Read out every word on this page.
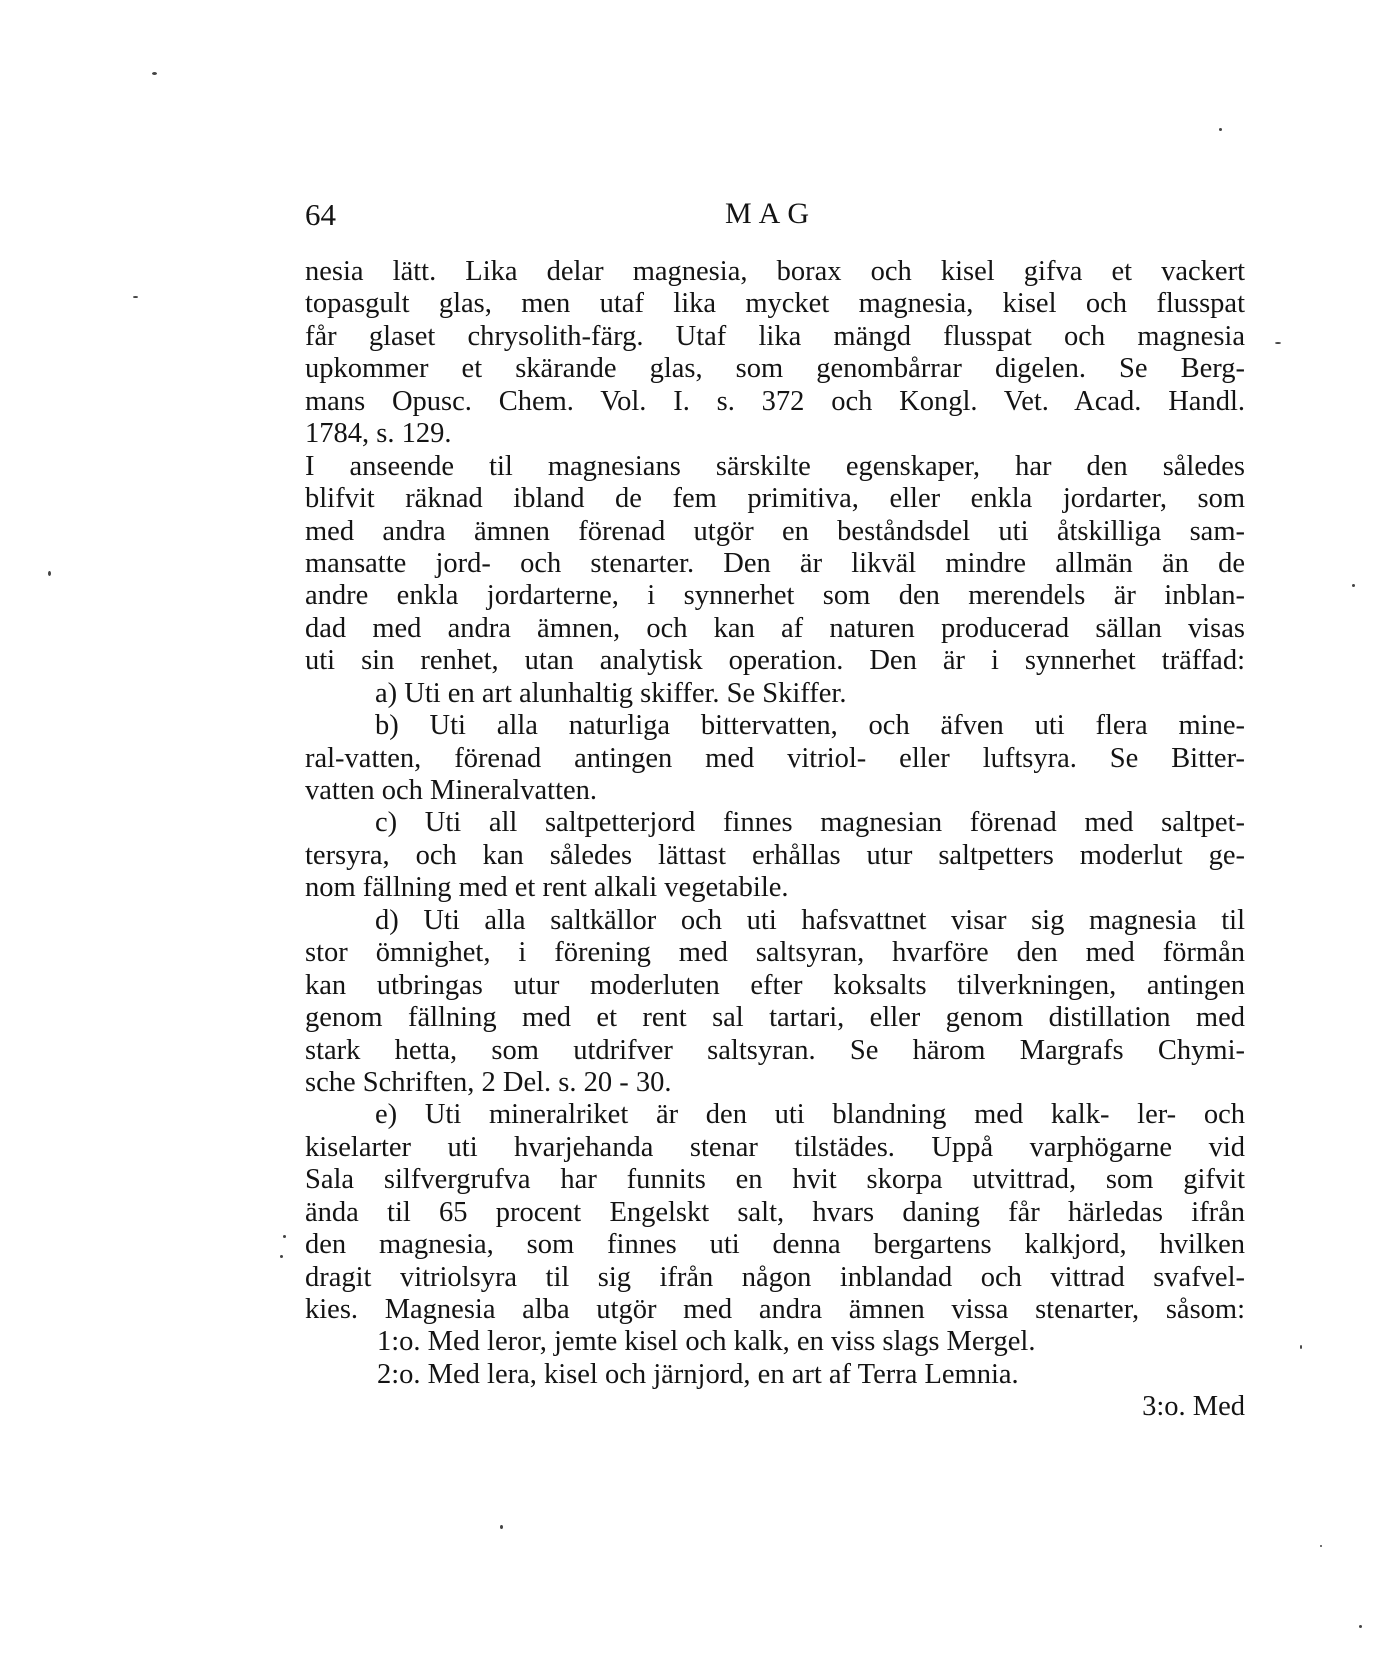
64	MAG
nesia lätt. Lika delar magnesia, borax och kisel gifva et vackert
topasgult glas, men utaf lika mycket magnesia, kisel och flusspat
får glaset chrysolith-färg. Utaf lika mängd flusspat och magnesia
upkommer et skärande glas, som genombårrar digelen. Se Berg-
mans Opusc. Chem. Vol. I. s. 372 och Kongl. Vet. Acad. Handl.
1784, s. 129.
I anseende til magnesians särskilte egenskaper, har den således
blifvit räknad ibland de fem primitiva, eller enkla jordarter, som
med andra ämnen förenad utgör en beståndsdel uti åtskilliga sam-
mansatte jord- och stenarter. Den är likväl mindre allmän än de
andre enkla jordarterne, i synnerhet som den merendels är inblan-
dad med andra ämnen, och kan af naturen producerad sällan visas
uti sin renhet, utan analytisk operation. Den är i synnerhet träffad:
a) Uti en art alunhaltig skiffer. Se Skiffer.
b) Uti alla naturliga bittervatten, och äfven uti flera mine-
ral-vatten, förenad antingen med vitriol- eller luftsyra. Se Bitter-
vatten och Mineralvatten.
c) Uti all saltpetterjord finnes magnesian förenad med saltpet-
tersyra, och kan således lättast erhållas utur saltpetters moderlut ge-
nom fällning med et rent alkali vegetabile.
d) Uti alla saltkällor och uti hafsvattnet visar sig magnesia til
stor ömnighet, i förening med saltsyran, hvarföre den med förmån
kan utbringas utur moderluten efter koksalts tilverkningen, antingen
genom fällning med et rent sal tartari, eller genom distillation med
stark hetta, som utdrifver saltsyran. Se härom Margrafs Chymi-
sche Schriften, 2 Del. s. 20 - 30.
e) Uti mineralriket är den uti blandning med kalk- ler- och
kiselarter uti hvarjehanda stenar tilstädes. Uppå varphögarne vid
Sala silfvergrufva har funnits en hvit skorpa utvittrad, som gifvit
ända til 65 procent Engelskt salt, hvars daning får härledas ifrån
den magnesia, som finnes uti denna bergartens kalkjord, hvilken
dragit vitriolsyra til sig ifrån någon inblandad och vittrad svafvel-
kies. Magnesia alba utgör med andra ämnen vissa stenarter, såsom:
1:o. Med leror, jemte kisel och kalk, en viss slags Mergel.
2:o. Med lera, kisel och järnjord, en art af Terra Lemnia.
3:o. Med
